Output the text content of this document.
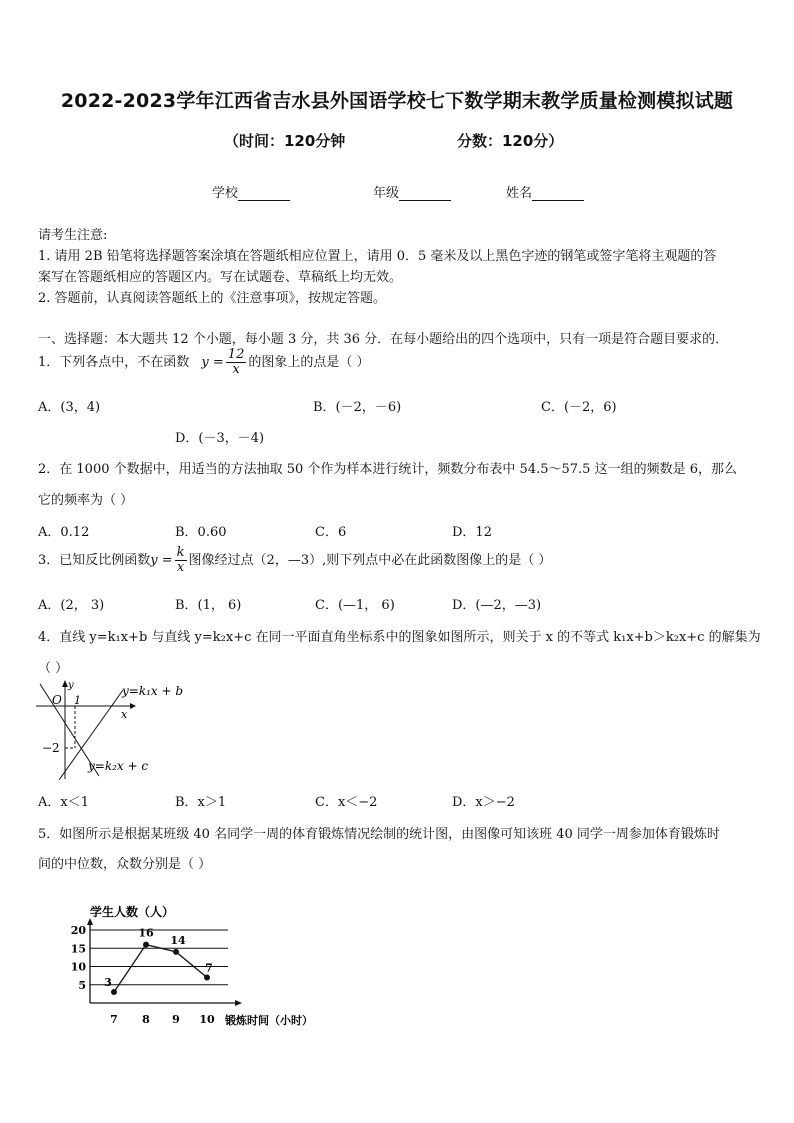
2022-2023学年江西省吉水县外国语学校七下数学期末教学质量检测模拟试题
（时间：120分钟	分数：120分）
学校	年级	姓名
请考生注意:
1. 请用 2B 铅笔将选择题答案涂填在答题纸相应位置上，请用 0．5 毫米及以上黑色字迹的钢笔或签字笔将主观题的答
案写在答题纸相应的答题区内。写在试题卷、草稿纸上均无效。
2. 答题前，认真阅读答题纸上的《注意事项》，按规定答题。
一、选择题：本大题共 12 个小题，每小题 3 分，共 36 分．在每小题给出的四个选项中，只有一项是符合题目要求的．
1．下列各点中，不在函数 $y = \frac{12}{x}$ 的图象上的点是（ ）
A．(3，4)	B．(－2，－6)	C．(－2，6)
D．(－3，－4)
2．在 1000 个数据中，用适当的方法抽取 50 个作为样本进行统计，频数分布表中 54.5～57.5 这一组的频数是 6，那么
它的频率为（ ）
A．0.12	B．0.60	C．6	D．12
3．已知反比例函数$y = \frac{k}{x}$ 图像经过点（2，—3）,则下列点中必在此函数图像上的是（ ）
A．(2， 3)	B．(1， 6)	C．(—1， 6)	D．(—2，—3)
4．直线 y=k₁x+b 与直线 y=k₂x+c 在同一平面直角坐标系中的图象如图所示，则关于 x 的不等式 k₁x+b＞k₂x+c 的解集为
（ ）
y
x
O 1
−2
y=k₁x + b
y=k₂x + c
A．x＜1	B．x＞1	C．x＜−2	D．x＞−2
5．如图所示是根据某班级 40 名同学一周的体育锻炼情况绘制的统计图，由图像可知该班 40 同学一周参加体育锻炼时
间的中位数，众数分别是（ ）
学生人数（人）
锻炼时间（小时）
5
10
15
20
7 8 9 10
3
16
14
7
